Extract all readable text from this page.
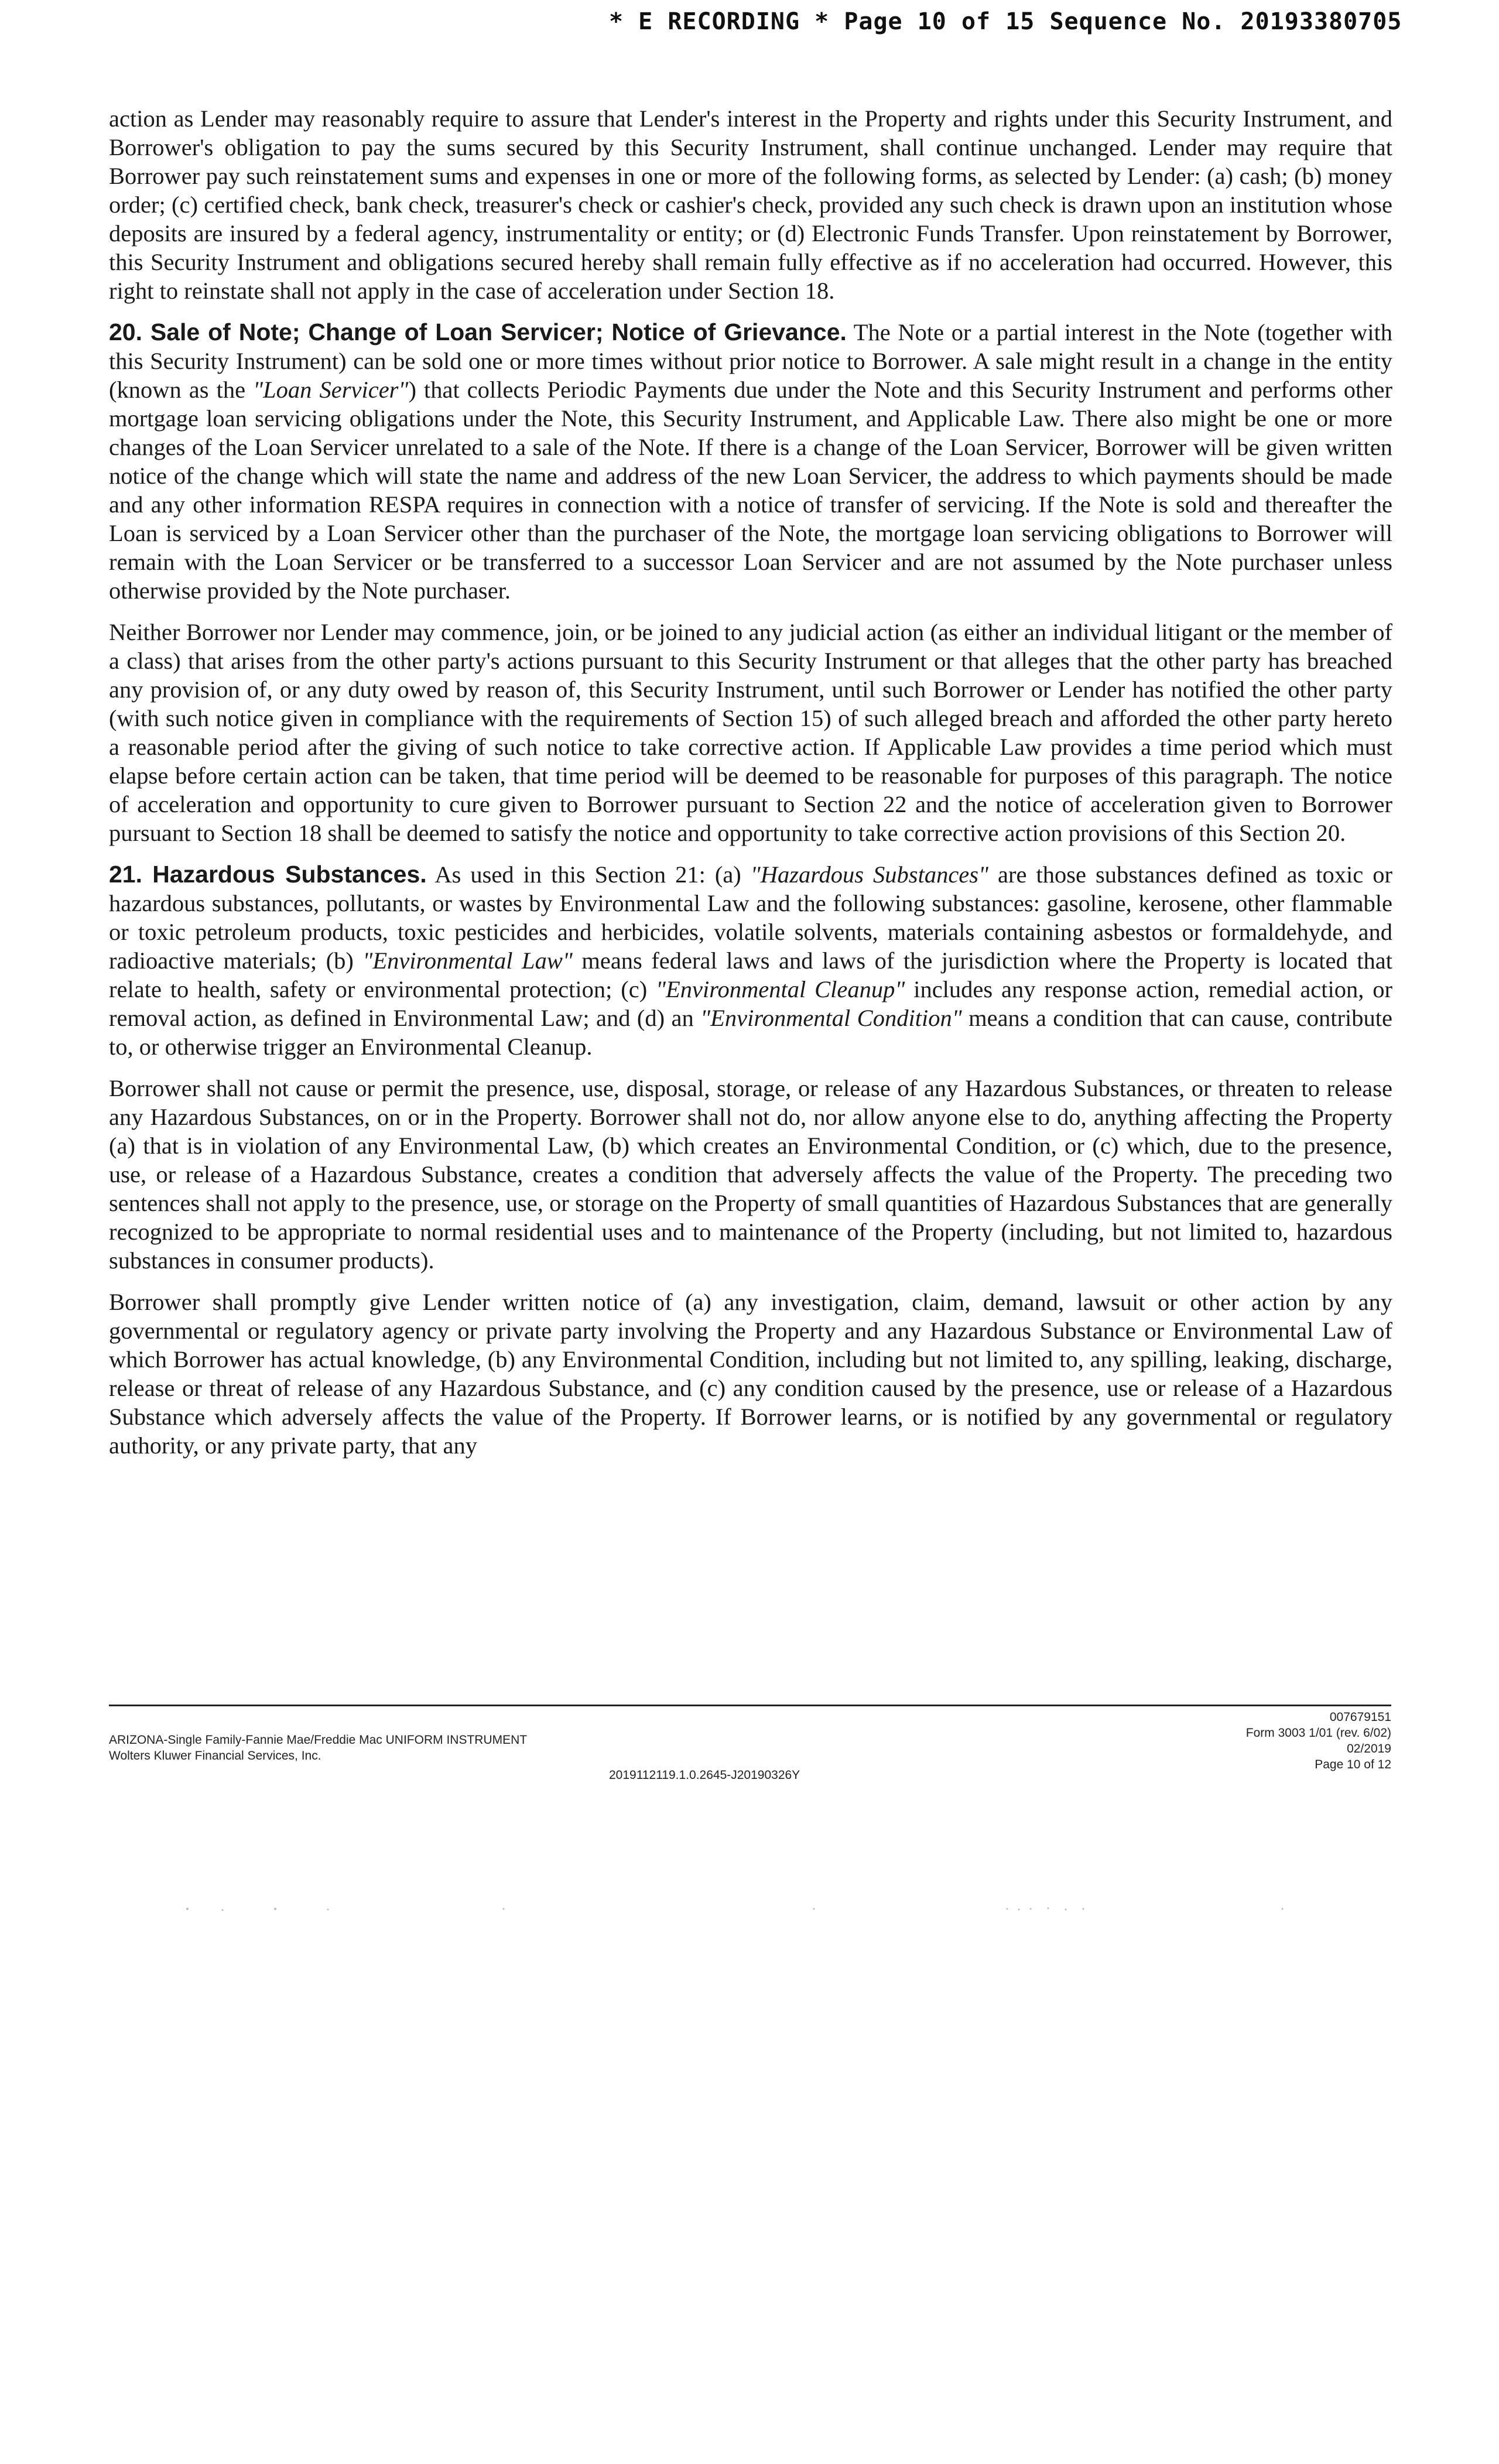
* E RECORDING * Page 10 of 15 Sequence No. 20193380705

action as Lender may reasonably require to assure that Lender's interest in the Property and rights under this Security Instrument, and Borrower's obligation to pay the sums secured by this Security Instrument, shall continue unchanged. Lender may require that Borrower pay such reinstatement sums and expenses in one or more of the following forms, as selected by Lender: (a) cash; (b) money order; (c) certified check, bank check, treasurer's check or cashier's check, provided any such check is drawn upon an institution whose deposits are insured by a federal agency, instrumentality or entity; or (d) Electronic Funds Transfer. Upon reinstatement by Borrower, this Security Instrument and obligations secured hereby shall remain fully effective as if no acceleration had occurred. However, this right to reinstate shall not apply in the case of acceleration under Section 18.

20. Sale of Note; Change of Loan Servicer; Notice of Grievance. The Note or a partial interest in the Note (together with this Security Instrument) can be sold one or more times without prior notice to Borrower. A sale might result in a change in the entity (known as the "Loan Servicer") that collects Periodic Payments due under the Note and this Security Instrument and performs other mortgage loan servicing obligations under the Note, this Security Instrument, and Applicable Law. There also might be one or more changes of the Loan Servicer unrelated to a sale of the Note. If there is a change of the Loan Servicer, Borrower will be given written notice of the change which will state the name and address of the new Loan Servicer, the address to which payments should be made and any other information RESPA requires in connection with a notice of transfer of servicing. If the Note is sold and thereafter the Loan is serviced by a Loan Servicer other than the purchaser of the Note, the mortgage loan servicing obligations to Borrower will remain with the Loan Servicer or be transferred to a successor Loan Servicer and are not assumed by the Note purchaser unless otherwise provided by the Note purchaser.

Neither Borrower nor Lender may commence, join, or be joined to any judicial action (as either an individual litigant or the member of a class) that arises from the other party's actions pursuant to this Security Instrument or that alleges that the other party has breached any provision of, or any duty owed by reason of, this Security Instrument, until such Borrower or Lender has notified the other party (with such notice given in compliance with the requirements of Section 15) of such alleged breach and afforded the other party hereto a reasonable period after the giving of such notice to take corrective action. If Applicable Law provides a time period which must elapse before certain action can be taken, that time period will be deemed to be reasonable for purposes of this paragraph. The notice of acceleration and opportunity to cure given to Borrower pursuant to Section 22 and the notice of acceleration given to Borrower pursuant to Section 18 shall be deemed to satisfy the notice and opportunity to take corrective action provisions of this Section 20.

21. Hazardous Substances. As used in this Section 21: (a) "Hazardous Substances" are those substances defined as toxic or hazardous substances, pollutants, or wastes by Environmental Law and the following substances: gasoline, kerosene, other flammable or toxic petroleum products, toxic pesticides and herbicides, volatile solvents, materials containing asbestos or formaldehyde, and radioactive materials; (b) "Environmental Law" means federal laws and laws of the jurisdiction where the Property is located that relate to health, safety or environmental protection; (c) "Environmental Cleanup" includes any response action, remedial action, or removal action, as defined in Environmental Law; and (d) an "Environmental Condition" means a condition that can cause, contribute to, or otherwise trigger an Environmental Cleanup.

Borrower shall not cause or permit the presence, use, disposal, storage, or release of any Hazardous Substances, or threaten to release any Hazardous Substances, on or in the Property. Borrower shall not do, nor allow anyone else to do, anything affecting the Property (a) that is in violation of any Environmental Law, (b) which creates an Environmental Condition, or (c) which, due to the presence, use, or release of a Hazardous Substance, creates a condition that adversely affects the value of the Property. The preceding two sentences shall not apply to the presence, use, or storage on the Property of small quantities of Hazardous Substances that are generally recognized to be appropriate to normal residential uses and to maintenance of the Property (including, but not limited to, hazardous substances in consumer products).

Borrower shall promptly give Lender written notice of (a) any investigation, claim, demand, lawsuit or other action by any governmental or regulatory agency or private party involving the Property and any Hazardous Substance or Environmental Law of which Borrower has actual knowledge, (b) any Environmental Condition, including but not limited to, any spilling, leaking, discharge, release or threat of release of any Hazardous Substance, and (c) any condition caused by the presence, use or release of a Hazardous Substance which adversely affects the value of the Property. If Borrower learns, or is notified by any governmental or regulatory authority, or any private party, that any

ARIZONA-Single Family-Fannie Mae/Freddie Mac UNIFORM INSTRUMENT
Wolters Kluwer Financial Services, Inc.
2019112119.1.0.2645-J20190326Y
007679151
Form 3003 1/01 (rev. 6/02)
02/2019
Page 10 of 12
